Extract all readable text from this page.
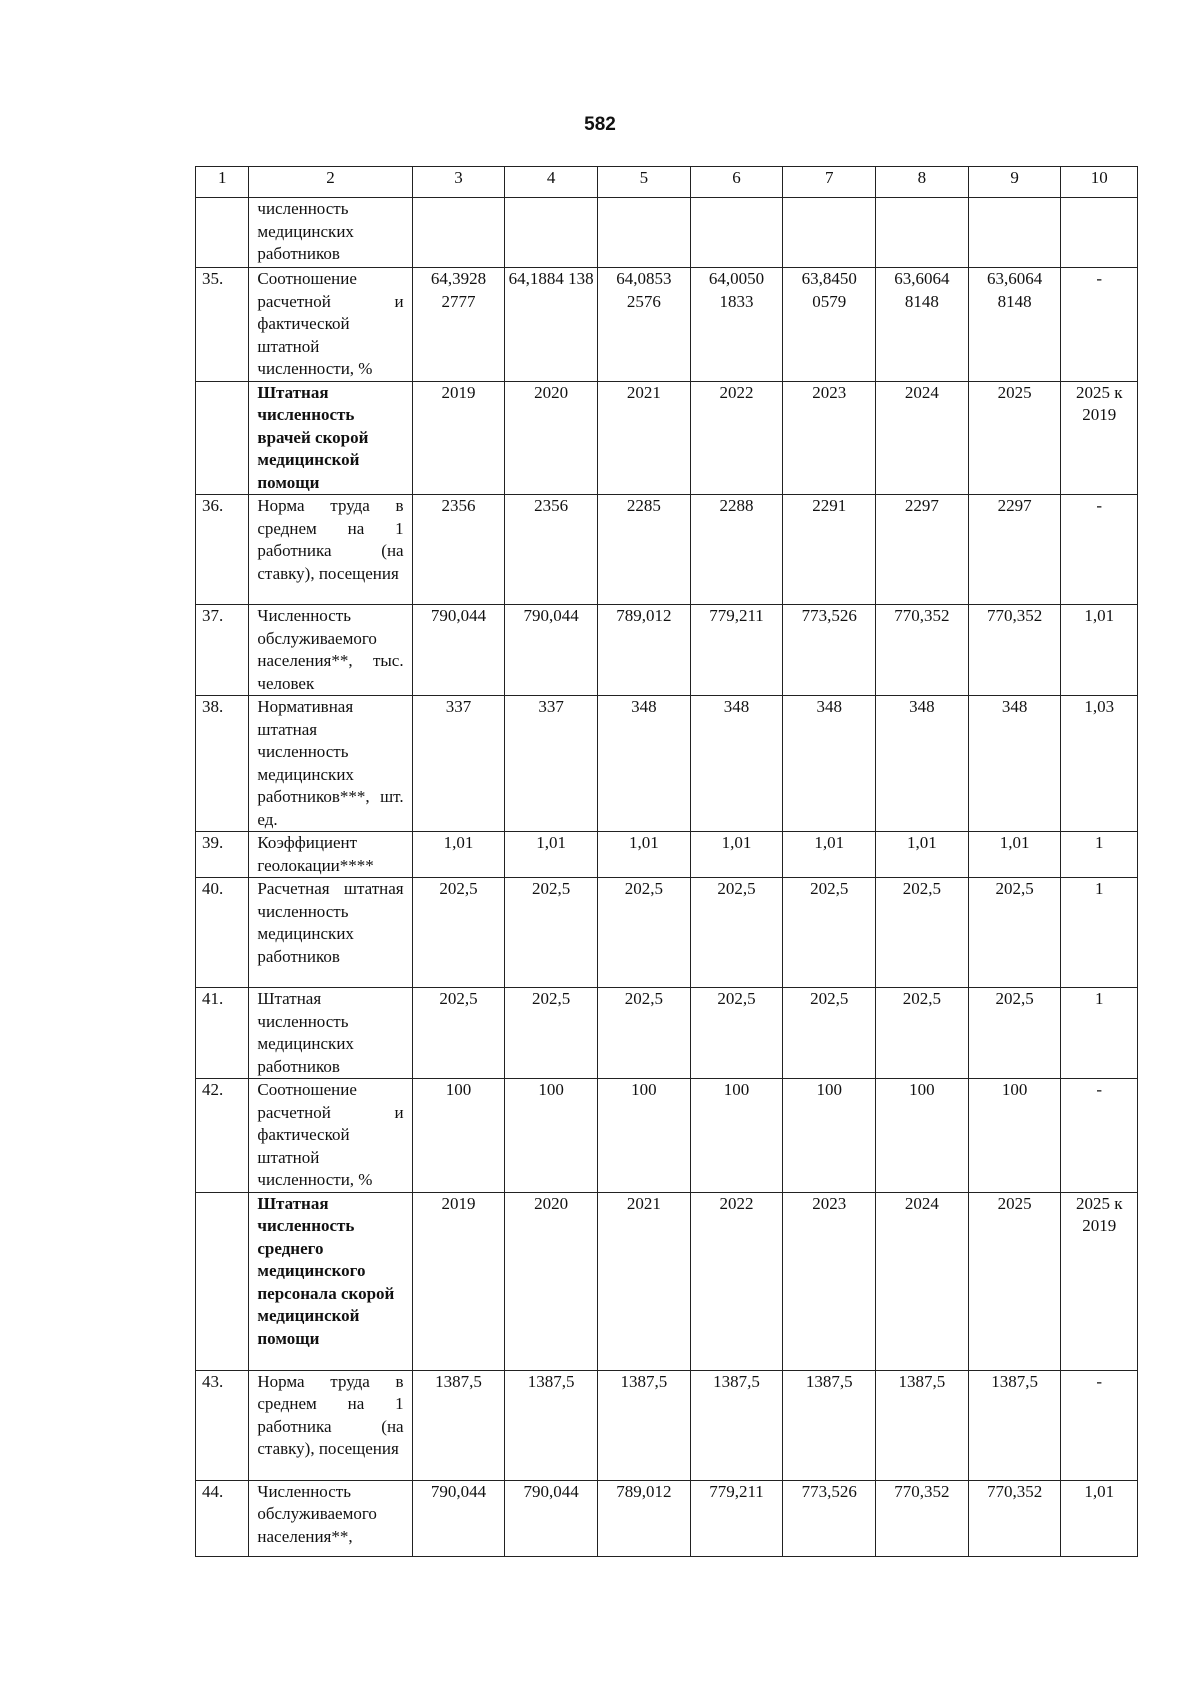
582
1	2	3	4	5	6	7	8	9	10
	численность медицинских работников								
35.	Соотношение расчетной и фактической штатной численности, %	64,3928 2777	64,1884 138	64,0853 2576	64,0050 1833	63,8450 0579	63,6064 8148	63,6064 8148	-
	Штатная численность врачей скорой медицинской помощи	2019	2020	2021	2022	2023	2024	2025	2025 к 2019
36.	Норма труда в среднем на 1 работника (на ставку), посещения	2356	2356	2285	2288	2291	2297	2297	-
37.	Численность обслуживаемого населения**, тыс. человек	790,044	790,044	789,012	779,211	773,526	770,352	770,352	1,01
38.	Нормативная штатная численность медицинских работников***, шт. ед.	337	337	348	348	348	348	348	1,03
39.	Коэффициент геолокации****	1,01	1,01	1,01	1,01	1,01	1,01	1,01	1
40.	Расчетная штатная численность медицинских работников	202,5	202,5	202,5	202,5	202,5	202,5	202,5	1
41.	Штатная численность медицинских работников	202,5	202,5	202,5	202,5	202,5	202,5	202,5	1
42.	Соотношение расчетной и фактической штатной численности, %	100	100	100	100	100	100	100	-
	Штатная численность среднего медицинского персонала скорой медицинской помощи	2019	2020	2021	2022	2023	2024	2025	2025 к 2019
43.	Норма труда в среднем на 1 работника (на ставку), посещения	1387,5	1387,5	1387,5	1387,5	1387,5	1387,5	1387,5	-
44.	Численность обслуживаемого населения**,	790,044	790,044	789,012	779,211	773,526	770,352	770,352	1,01
